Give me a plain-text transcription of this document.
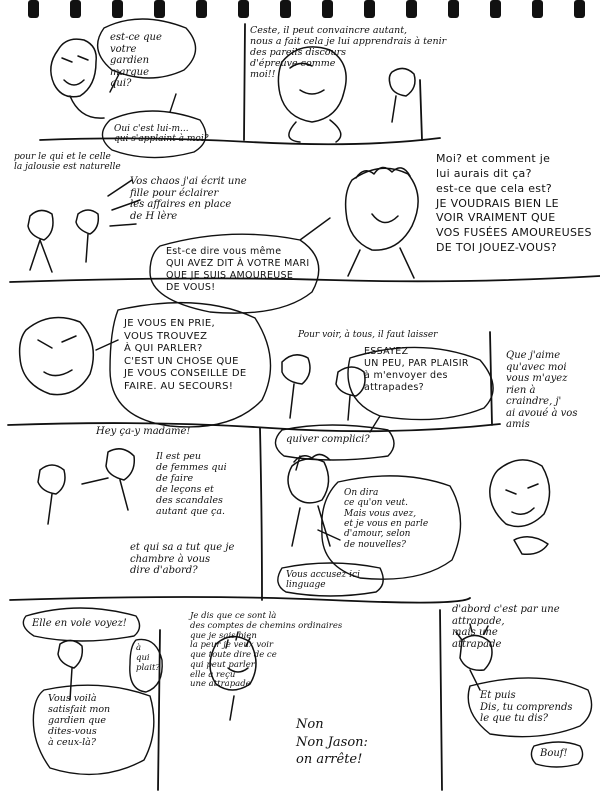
est-ce que votre
gardien marque
qui?
Oui c'est lui-m...
qui s'applaint à moi?
Ceste, il peut convaincre autant,
nous a fait cela je lui apprendrais à tenir
des pareils discours
d'épreuve comme
moi!!
pour le qui et le celle
la jalousie est naturelle
Vos chaos j'ai écrit une
fille pour éclairer
les affaires en place
de H lère
Est-ce dire vous même
QUI AVEZ DIT À VOTRE MARI
QUE JE SUIS AMOUREUSE
DE VOUS!
Moi? et comment je
lui aurais dit ça?
est-ce que cela est?
JE VOUDRAIS BIEN LE
VOIR VRAIMENT QUE
VOS FUSÉES AMOUREUSES
DE TOI JOUEZ-VOUS?
JE VOUS EN PRIE,
VOUS TROUVEZ
À QUI PARLER?
C'EST UN CHOSE QUE
JE VOUS CONSEILLE DE
FAIRE. AU SECOURS!
Pour voir, à tous, il faut laisser
ESSAYEZ
UN PEU, PAR PLAISIR
à m'envoyer des
attrapades?
Que j'aime
qu'avec moi
vous m'ayez
rien à
craindre, j'
ai avoué à vos amis
Hey ça-y madame!
Il est peu
de femmes qui
de faire
de leçons et
des scandales
autant que ça.
et qui sa a tut que je
chambre à vous
dire d'abord?
quiver complici?
On dira
ce qu'on veut.
Mais vous avez,
et je vous en parle
d'amour, selon
de nouvelles?
Vous accusez ici
linguage
Elle en vole voyez!
à
qui
plait?
Vous voilà
satisfait mon
gardien que
dites-vous
à ceux-là?
Je dis que ce sont là
des comptes de chemins ordinaires
que je sais bien
la peur je veux voir
que toute dire de ce
qui peut parler
elle a reçu
une attrapade
Non
Non Jason:
on arrête!
d'abord c'est par une
attrapade,
mais une
attrapade
Et puis
Dis, tu comprends
le que tu dis?
Bouf!
